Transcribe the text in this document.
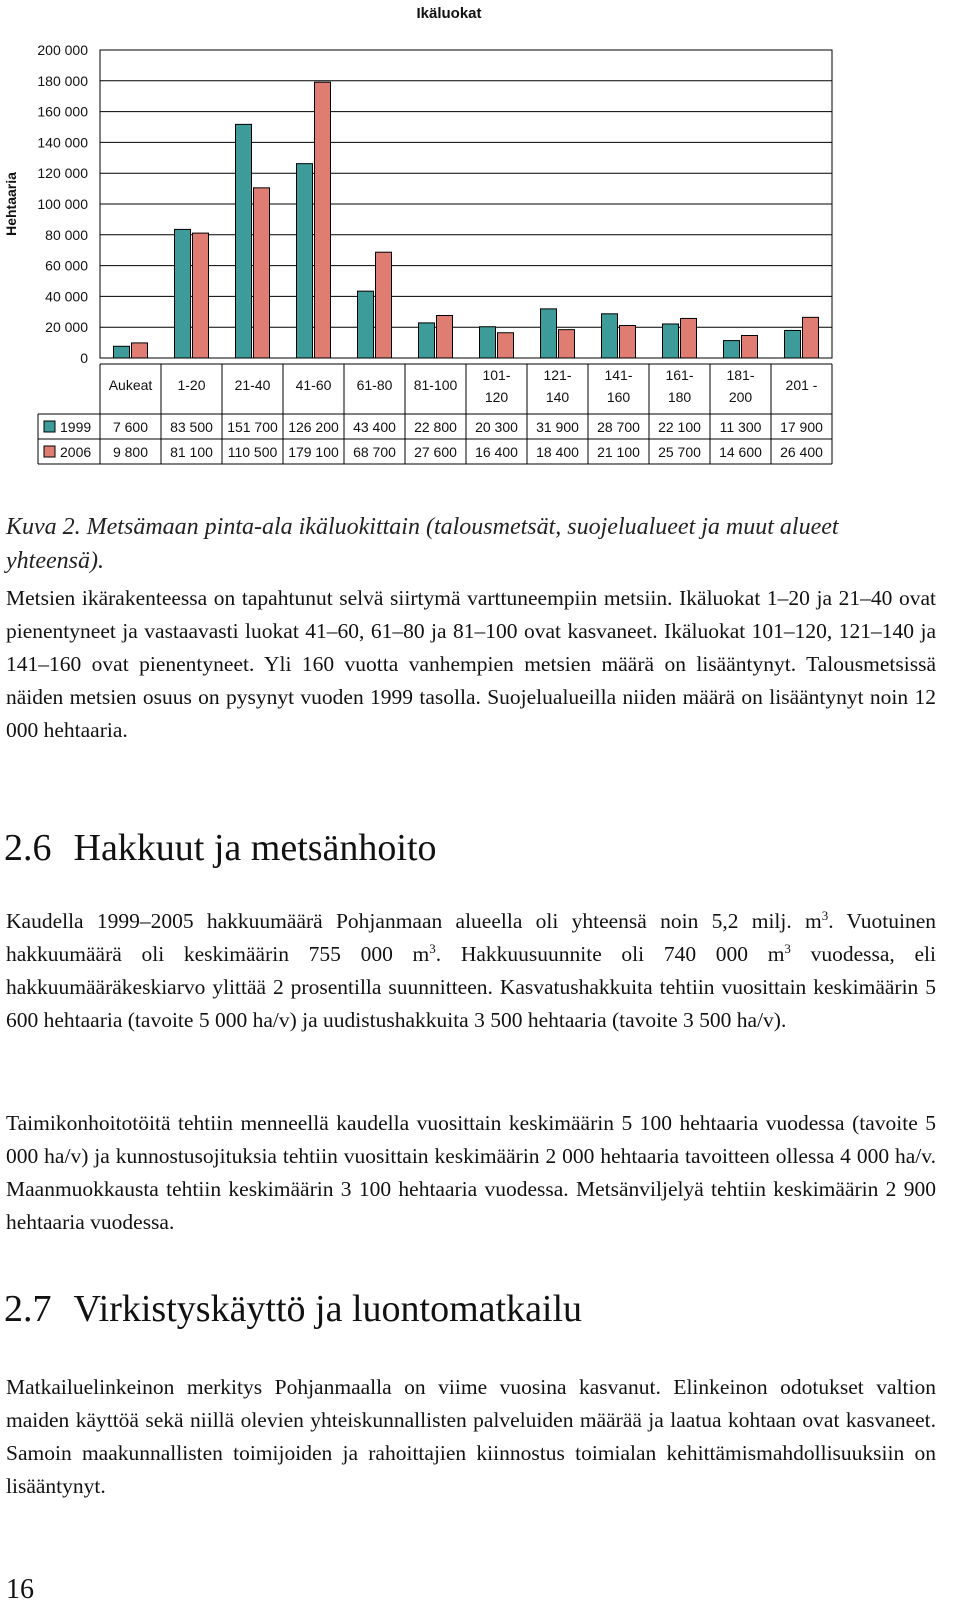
Ikäluokat
Hehtaaria
200 000
180 000
160 000
140 000
120 000
100 000
80 000
60 000
40 000
20 000
0
Aukeat 1-20 21-40 41-60 61-80 81-100
101-
120
121-
140
141-
160
161-
180
181-
200
201 -
1999 7 600 83 500 151 700 126 200 43 400 22 800 20 300 31 900 28 700 22 100 11 300 17 900
2006 9 800 81 100 110 500 179 100 68 700 27 600 16 400 18 400 21 100 25 700 14 600 26 400

Kuva 2. Metsämaan pinta-ala ikäluokittain (talousmetsät, suojelualueet ja muut alueet yhteensä).

Metsien ikärakenteessa on tapahtunut selvä siirtymä varttuneempiin metsiin. Ikäluokat 1–20 ja 21–40 ovat pienentyneet ja vastaavasti luokat 41–60, 61–80 ja 81–100 ovat kasvaneet. Ikäluokat 101–120, 121–140 ja 141–160 ovat pienentyneet. Yli 160 vuotta vanhempien metsien määrä on lisääntynyt. Talousmetsissä näiden metsien osuus on pysynyt vuoden 1999 tasolla. Suojelualueilla niiden määrä on lisääntynyt noin 12 000 hehtaaria.

2.6 Hakkuut ja metsänhoito

Kaudella 1999–2005 hakkuumäärä Pohjanmaan alueella oli yhteensä noin 5,2 milj. $m^3$. Vuotuinen hakkuumäärä oli keskimäärin 755 000 $m^3$. Hakkuusuunnite oli 740 000 $m^3$ vuodessa, eli hakkuumääräkeskiarvo ylittää 2 prosentilla suunnitteen. Kasvatushakkuita tehtiin vuosittain keskimäärin 5 600 hehtaaria (tavoite 5 000 ha/v) ja uudistushakkuita 3 500 hehtaaria (tavoite 3 500 ha/v).

Taimikonhoitotöitä tehtiin menneellä kaudella vuosittain keskimäärin 5 100 hehtaaria vuodessa (tavoite 5 000 ha/v) ja kunnostusojituksia tehtiin vuosittain keskimäärin 2 000 hehtaaria tavoitteen ollessa 4 000 ha/v. Maanmuokkausta tehtiin keskimäärin 3 100 hehtaaria vuodessa. Metsänviljelyä tehtiin keskimäärin 2 900 hehtaaria vuodessa.

2.7 Virkistyskäyttö ja luontomatkailu

Matkailuelinkeinon merkitys Pohjanmaalla on viime vuosina kasvanut. Elinkeinon odotukset valtion maiden käyttöä sekä niillä olevien yhteiskunnallisten palveluiden määrää ja laatua kohtaan ovat kasvaneet. Samoin maakunnallisten toimijoiden ja rahoittajien kiinnostus toimialan kehittämismahdollisuuksiin on lisääntynyt.

16
